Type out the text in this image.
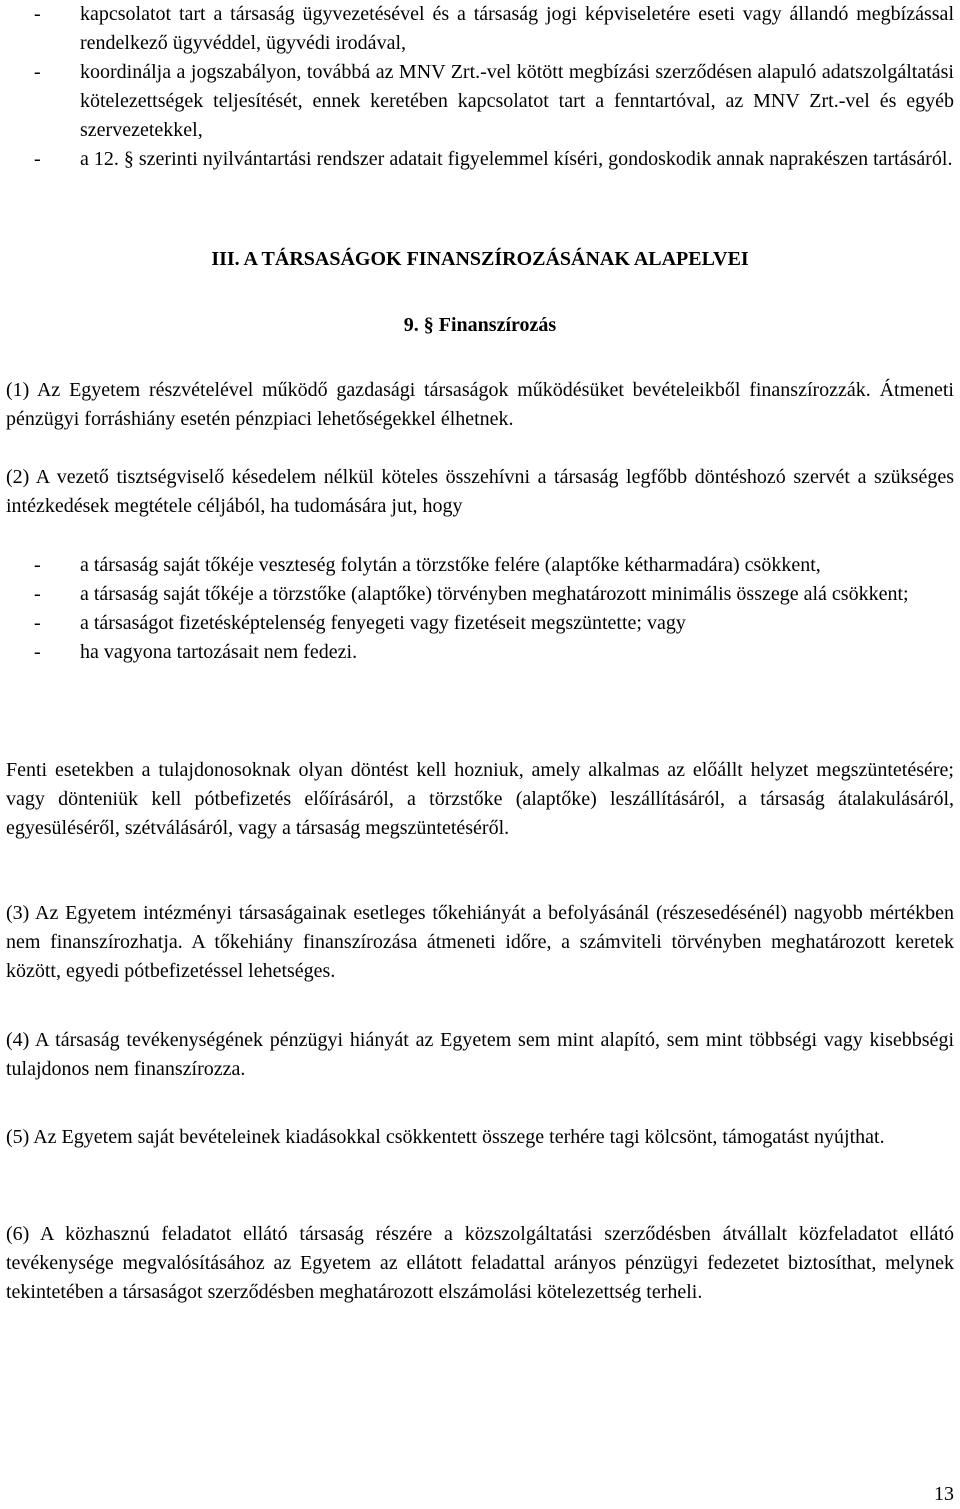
- kapcsolatot tart a társaság ügyvezetésével és a társaság jogi képviseletére eseti vagy állandó megbízással rendelkező ügyvéddel, ügyvédi irodával,
- koordinálja a jogszabályon, továbbá az MNV Zrt.-vel kötött megbízási szerződésen alapuló adatszolgáltatási kötelezettségek teljesítését, ennek keretében kapcsolatot tart a fenntartóval, az MNV Zrt.-vel és egyéb szervezetekkel,
- a 12. § szerinti nyilvántartási rendszer adatait figyelemmel kíséri, gondoskodik annak naprakészen tartásáról.
III. A TÁRSASÁGOK FINANSZÍROZÁSÁNAK ALAPELVEI
9. § Finanszírozás

(1) Az Egyetem részvételével működő gazdasági társaságok működésüket bevételeikből finanszírozzák. Átmeneti pénzügyi forráshiány esetén pénzpiaci lehetőségekkel élhetnek.

(2) A vezető tisztségviselő késedelem nélkül köteles összehívni a társaság legfőbb döntéshozó szervét a szükséges intézkedések megtétele céljából, ha tudomására jut, hogy

- a társaság saját tőkéje veszteség folytán a törzstőke felére (alaptőke kétharmadára) csökkent,
- a társaság saját tőkéje a törzstőke (alaptőke) törvényben meghatározott minimális összege alá csökkent;
- a társaságot fizetésképtelenség fenyegeti vagy fizetéseit megszüntette; vagy
- ha vagyona tartozásait nem fedezi.

Fenti esetekben a tulajdonosoknak olyan döntést kell hozniuk, amely alkalmas az előállt helyzet megszüntetésére; vagy dönteniük kell pótbefizetés előírásáról, a törzstőke (alaptőke) leszállításáról, a társaság átalakulásáról, egyesüléséről, szétválásáról, vagy a társaság megszüntetéséről.

(3) Az Egyetem intézményi társaságainak esetleges tőkehiányát a befolyásánál (részesedésénél) nagyobb mértékben nem finanszírozhatja. A tőkehiány finanszírozása átmeneti időre, a számviteli törvényben meghatározott keretek között, egyedi pótbefizetéssel lehetséges.

(4) A társaság tevékenységének pénzügyi hiányát az Egyetem sem mint alapító, sem mint többségi vagy kisebbségi tulajdonos nem finanszírozza.

(5) Az Egyetem saját bevételeinek kiadásokkal csökkentett összege terhére tagi kölcsönt, támogatást nyújthat.

(6) A közhasznú feladatot ellátó társaság részére a közszolgáltatási szerződésben átvállalt közfeladatot ellátó tevékenysége megvalósításához az Egyetem az ellátott feladattal arányos pénzügyi fedezetet biztosíthat, melynek tekintetében a társaságot szerződésben meghatározott elszámolási kötelezettség terheli.

13
